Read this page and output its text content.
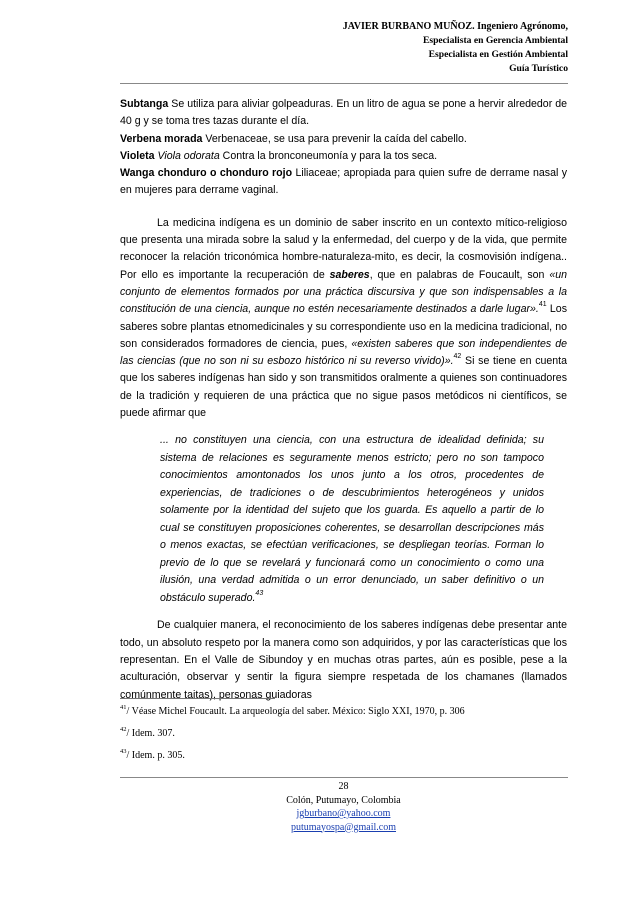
JAVIER BURBANO MUÑOZ. Ingeniero Agrónomo,
Especialista en Gerencia Ambiental
Especialista en Gestión Ambiental
Guía Turístico

Subtanga Se utiliza para aliviar golpeaduras. En un litro de agua se pone a hervir alrededor de 40 g y se toma tres tazas durante el día.

Verbena morada Verbenaceae, se usa para prevenir la caída del cabello.

Violeta Viola odorata Contra la bronconeumonía y para la tos seca.

Wanga chonduro o chonduro rojo Liliaceae; apropiada para quien sufre de derrame nasal y en mujeres para derrame vaginal.

La medicina indígena es un dominio de saber inscrito en un contexto mítico-religioso que presenta una mirada sobre la salud y la enfermedad, del cuerpo y de la vida, que permite reconocer la relación triconómica hombre-naturaleza-mito, es decir, la cosmovisión indígena.. Por ello es importante la recuperación de saberes, que en palabras de Foucault, son «un conjunto de elementos formados por una práctica discursiva y que son indispensables a la constitución de una ciencia, aunque no estén necesariamente destinados a darle lugar».$^{41}$ Los saberes sobre plantas etnomedicinales y su correspondiente uso en la medicina tradicional, no son considerados formadores de ciencia, pues, «existen saberes que son independientes de las ciencias (que no son ni su esbozo histórico ni su reverso vivido)».$^{42}$ Si se tiene en cuenta que los saberes indígenas han sido y son transmitidos oralmente a quienes son continuadores de la tradición y requieren de una práctica que no sigue pasos metódicos ni científicos, se puede afirmar que

... no constituyen una ciencia, con una estructura de idealidad definida; su sistema de relaciones es seguramente menos estricto; pero no son tampoco conocimientos amontonados los unos junto a los otros, procedentes de experiencias, de tradiciones o de descubrimientos heterogéneos y unidos solamente por la identidad del sujeto que los guarda. Es aquello a partir de lo cual se constituyen proposiciones coherentes, se desarrollan descripciones más o menos exactas, se efectúan verificaciones, se despliegan teorías. Forman lo previo de lo que se revelará y funcionará como un conocimiento o como una ilusión, una verdad admitida o un error denunciado, un saber definitivo o un obstáculo superado.$^{43}$

De cualquier manera, el reconocimiento de los saberes indígenas debe presentar ante todo, un absoluto respeto por la manera como son adquiridos, y por las características que los representan. En el Valle de Sibundoy y en muchas otras partes, aún es posible, pese a la aculturación, observar y sentir la figura siempre respetada de los chamanes (llamados comúnmente taitas), personas guiadoras

$^{41}$/ Véase Michel Foucault. La arqueología del saber. México: Siglo XXI, 1970, p. 306
$^{42}$/ Idem. 307.
$^{43}$/ Idem. p. 305.
28
Colón, Putumayo, Colombia
jgburbano@yahoo.com
putumayospa@gmail.com
